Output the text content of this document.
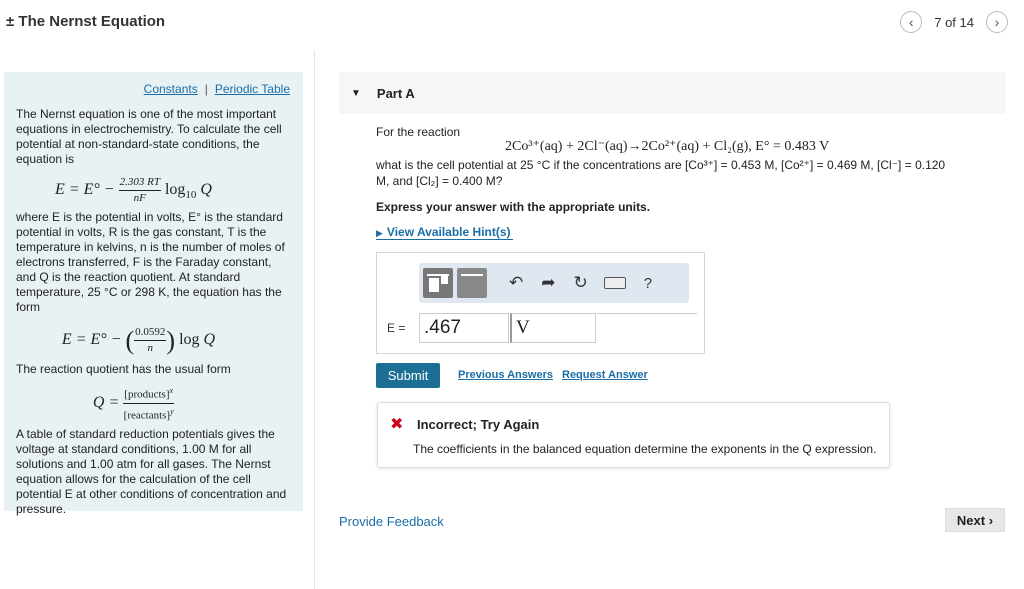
± The Nernst Equation	‹	7 of 14	›
Constants | Periodic Table

The Nernst equation is one of the most important equations in electrochemistry. To calculate the cell potential at non-standard-state conditions, the equation is

$E = E^\circ - \frac{2.303 RT}{nF} \log_{10} Q$

where E is the potential in volts, E° is the standard potential in volts, R is the gas constant, T is the temperature in kelvins, n is the number of moles of electrons transferred, F is the Faraday constant, and Q is the reaction quotient. At standard temperature, 25 °C or 298 K, the equation has the form

E = E° − ( $\frac{0.0592}{n}$ ) log Q

The reaction quotient has the usual form

$Q = \frac{[products]^x}{[reactants]^y}$

A table of standard reduction potentials gives the voltage at standard conditions, 1.00 M for all solutions and 1.00 atm for all gases. The Nernst equation allows for the calculation of the cell potential E at other conditions of concentration and pressure.

▼ Part A
For the reaction
2Co³⁺(aq) + 2Cl⁻(aq)→2Co²⁺(aq) + Cl₂(g), E° = 0.483 V
what is the cell potential at 25 °C if the concentrations are [Co³⁺] = 0.453 M, [Co²⁺] = 0.469 M, [Cl⁻] = 0.120
M, and [Cl₂] = 0.400 M?
Express your answer with the appropriate units.
▶ View Available Hint(s)
↶ ➦ ↻	?
E = .467	V
Submit	Previous Answers Request Answer
✖ Incorrect; Try Again
The coefficients in the balanced equation determine the exponents in the Q expression.
Provide Feedback	Next
›
